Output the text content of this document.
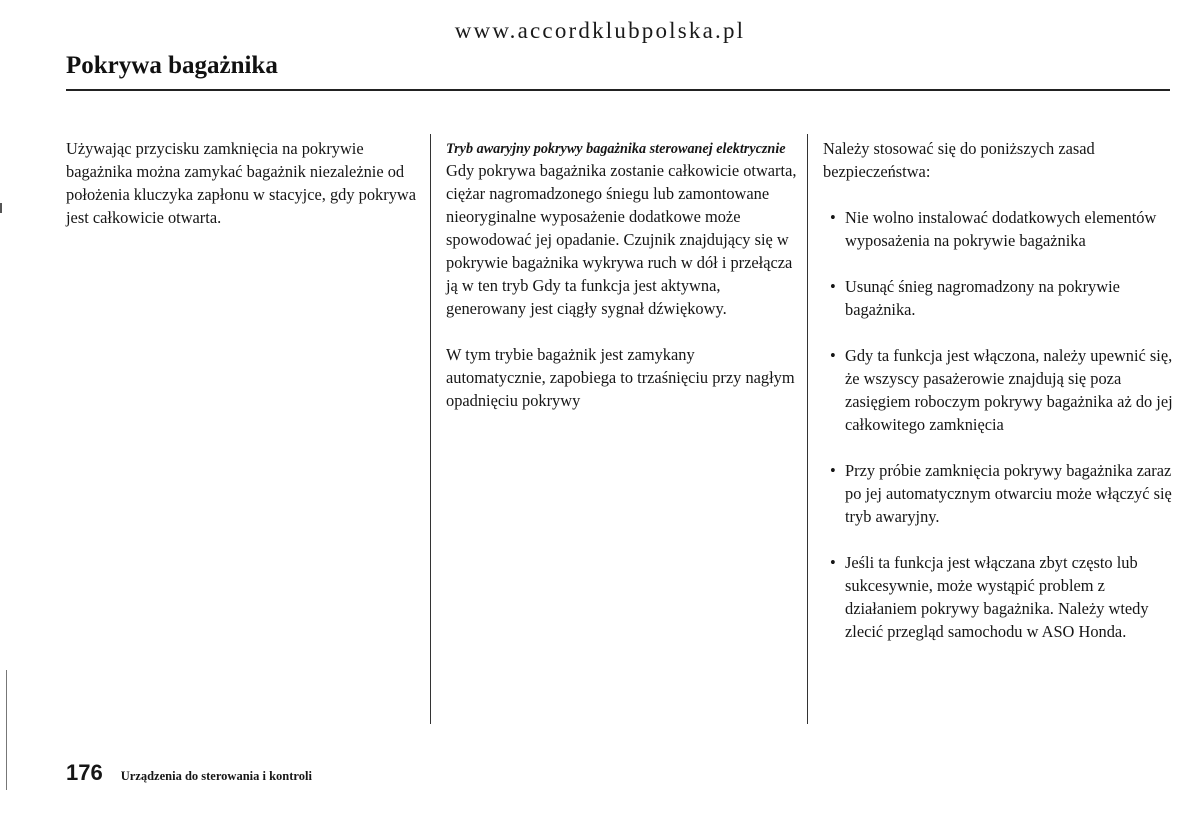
www.accordklubpolska.pl
Pokrywa bagażnika

Używając przycisku zamknięcia na pokrywie bagażnika można zamykać bagażnik niezależnie od położenia kluczyka zapłonu w stacyjce, gdy pokrywa jest całkowicie otwarta.

Tryb awaryjny pokrywy bagażnika sterowanej elektrycznie

Gdy pokrywa bagażnika zostanie całkowicie otwarta, ciężar nagromadzonego śniegu lub zamontowane nieoryginalne wyposażenie dodatkowe może spowodować jej opadanie. Czujnik znajdujący się w pokrywie bagażnika wykrywa ruch w dół i przełącza ją w ten tryb Gdy ta funkcja jest aktywna, generowany jest ciągły sygnał dźwiękowy.

W tym trybie bagażnik jest zamykany automatycznie, zapobiega to trzaśnięciu przy nagłym opadnięciu pokrywy

Należy stosować się do poniższych zasad bezpieczeństwa:

• Nie wolno instalować dodatkowych elementów wyposażenia na pokrywie bagażnika
• Usunąć śnieg nagromadzony na pokrywie bagażnika.
• Gdy ta funkcja jest włączona, należy upewnić się, że wszyscy pasażerowie znajdują się poza zasięgiem roboczym pokrywy bagażnika aż do jej całkowitego zamknięcia
• Przy próbie zamknięcia pokrywy bagażnika zaraz po jej automatycznym otwarciu może włączyć się tryb awaryjny.
• Jeśli ta funkcja jest włączana zbyt często lub sukcesywnie, może wystąpić problem z działaniem pokrywy bagażnika. Należy wtedy zlecić przegląd samochodu w ASO Honda.
176 Urządzenia do sterowania i kontroli
